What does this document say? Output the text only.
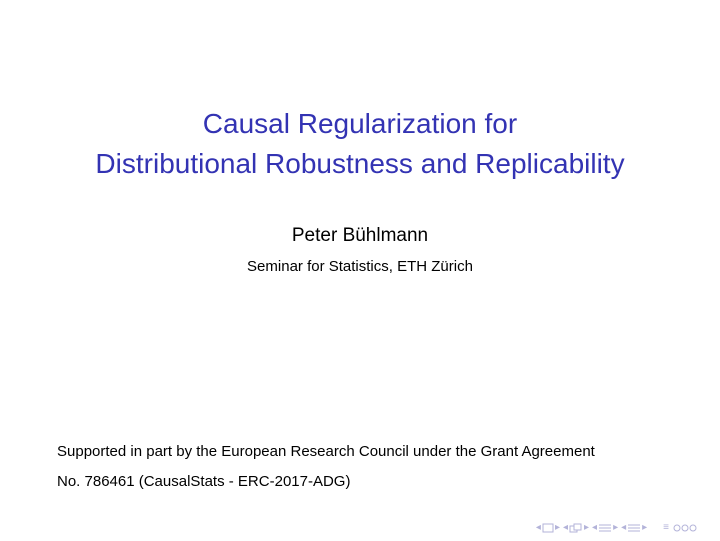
Causal Regularization for
Distributional Robustness and Replicability
Peter Bühlmann
Seminar for Statistics, ETH Zürich
Supported in part by the European Research Council under the Grant Agreement
No. 786461 (CausalStats - ERC-2017-ADG)
◂ ▸ ◂ ▸ ◂ ▸ ◂ ▸ ≡
